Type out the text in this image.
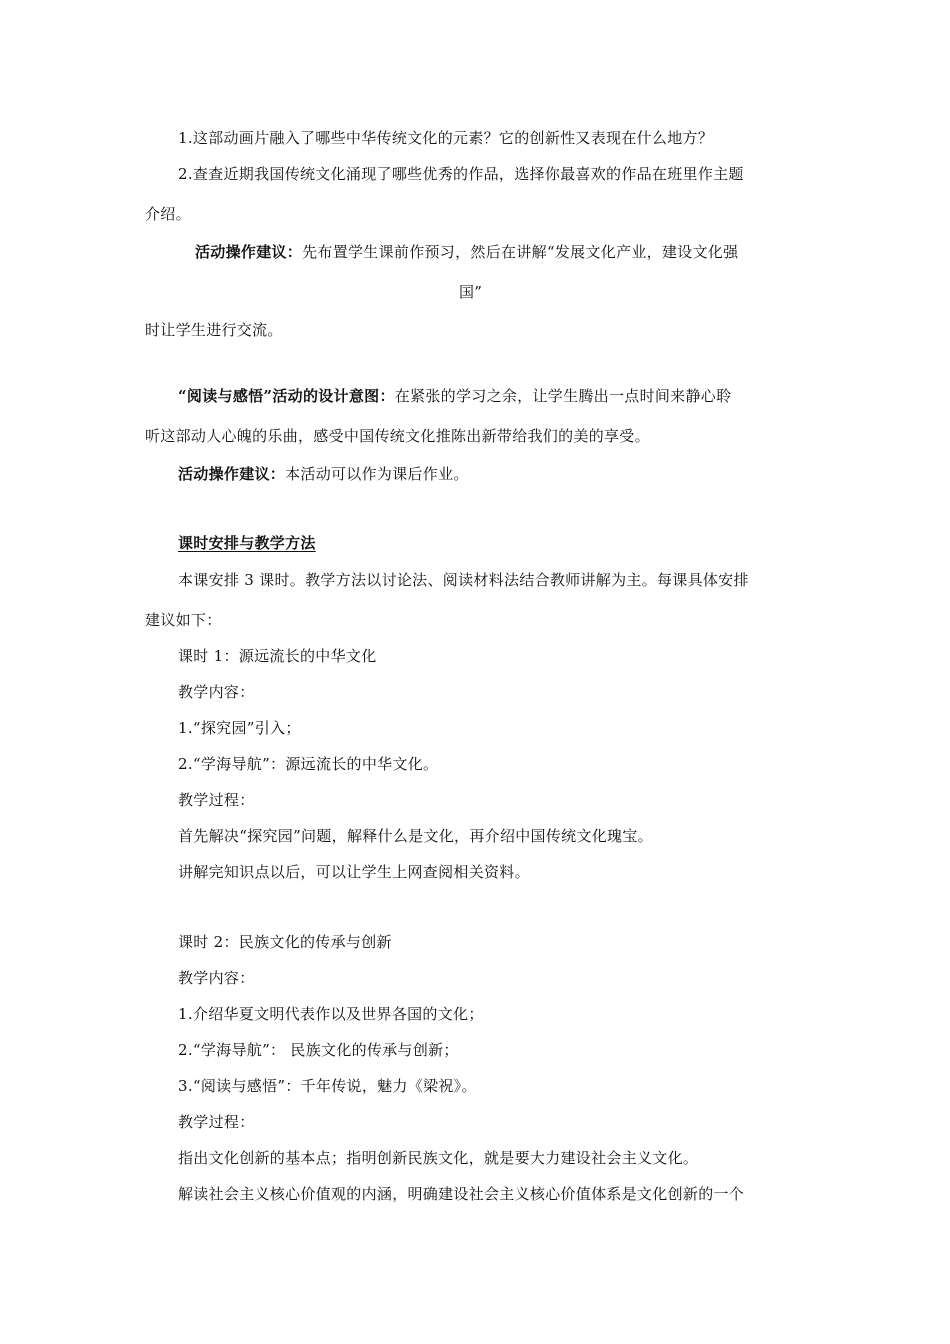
1.这部动画片融入了哪些中华传统文化的元素？它的创新性又表现在什么地方？
2.查查近期我国传统文化涌现了哪些优秀的作品，选择你最喜欢的作品在班里作主题
介绍。
活动操作建议：先布置学生课前作预习，然后在讲解“发展文化产业，建设文化强
国”
时让学生进行交流。
“阅读与感悟”活动的设计意图：在紧张的学习之余，让学生腾出一点时间来静心聆
听这部动人心魄的乐曲，感受中国传统文化推陈出新带给我们的美的享受。
活动操作建议：本活动可以作为课后作业。
课时安排与教学方法
本课安排 3 课时。教学方法以讨论法、阅读材料法结合教师讲解为主。每课具体安排
建议如下：
课时 1：源远流长的中华文化
教学内容：
1.“探究园”引入；
2.“学海导航”：源远流长的中华文化。
教学过程：
首先解决“探究园”问题，解释什么是文化，再介绍中国传统文化瑰宝。
讲解完知识点以后，可以让学生上网查阅相关资料。
课时 2：民族文化的传承与创新
教学内容：
1.介绍华夏文明代表作以及世界各国的文化；
2.“学海导航”： 民族文化的传承与创新；
3.“阅读与感悟”：千年传说，魅力《梁祝》。
教学过程：
指出文化创新的基本点；指明创新民族文化，就是要大力建设社会主义文化。
解读社会主义核心价值观的内涵，明确建设社会主义核心价值体系是文化创新的一个
